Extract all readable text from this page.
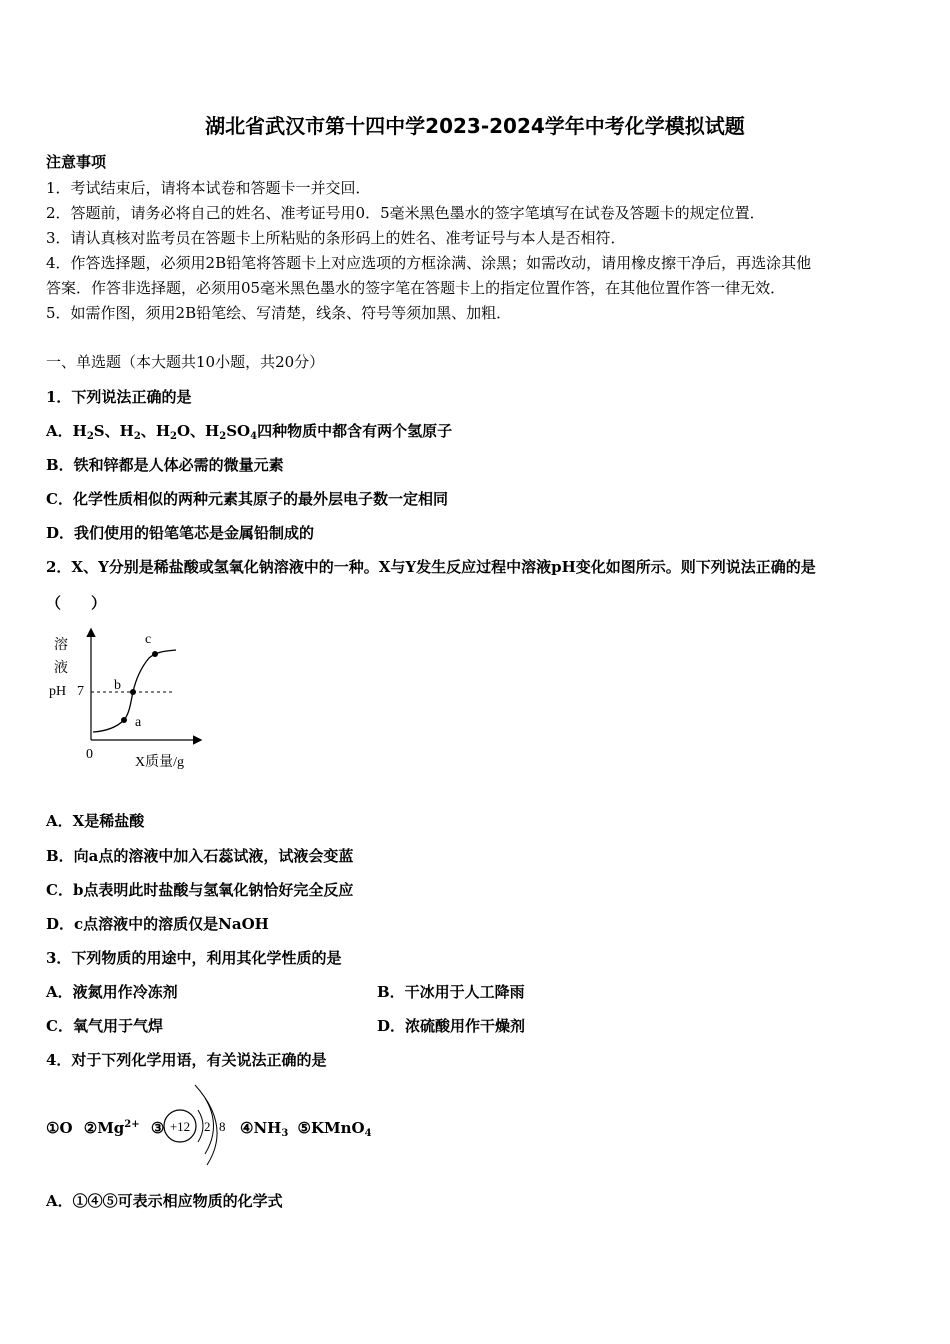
湖北省武汉市第十四中学2023-2024学年中考化学模拟试题
注意事项
1．考试结束后，请将本试卷和答题卡一并交回．
2．答题前，请务必将自己的姓名、准考证号用0．5毫米黑色墨水的签字笔填写在试卷及答题卡的规定位置．
3．请认真核对监考员在答题卡上所粘贴的条形码上的姓名、准考证号与本人是否相符．
4．作答选择题，必须用2B铅笔将答题卡上对应选项的方框涂满、涂黑；如需改动，请用橡皮擦干净后，再选涂其他
答案．作答非选择题，必须用05毫米黑色墨水的签字笔在答题卡上的指定位置作答，在其他位置作答一律无效．
5．如需作图，须用2B铅笔绘、写清楚，线条、符号等须加黑、加粗．
一、单选题（本大题共10小题，共20分）
1．下列说法正确的是
A．$H_2S$、$H_2$、$H_2O$、$H_2SO_4$四种物质中都含有两个氢原子
B．铁和锌都是人体必需的微量元素
C．化学性质相似的两种元素其原子的最外层电子数一定相同
D．我们使用的铅笔笔芯是金属铅制成的
2．X、Y分别是稀盐酸或氢氧化钠溶液中的一种。X与Y发生反应过程中溶液pH变化如图所示。则下列说法正确的是
（　　）
溶
液
pH 7
0
X质量/g
a
b
c
A．X是稀盐酸
B．向a点的溶液中加入石蕊试液，试液会变蓝
C．b点表明此时盐酸与氢氧化钠恰好完全反应
D．c点溶液中的溶质仅是NaOH
3．下列物质的用途中，利用其化学性质的是
A．液氮用作冷冻剂	B．干冰用于人工降雨
C．氧气用于气焊	D．浓硫酸用作干燥剂
4．对于下列化学用语，有关说法正确的是
①O $②Mg^{2+}$ ③ +12 2 8 $④NH_3$ ⑤KMnO$_4$
A．①④⑤可表示相应物质的化学式
